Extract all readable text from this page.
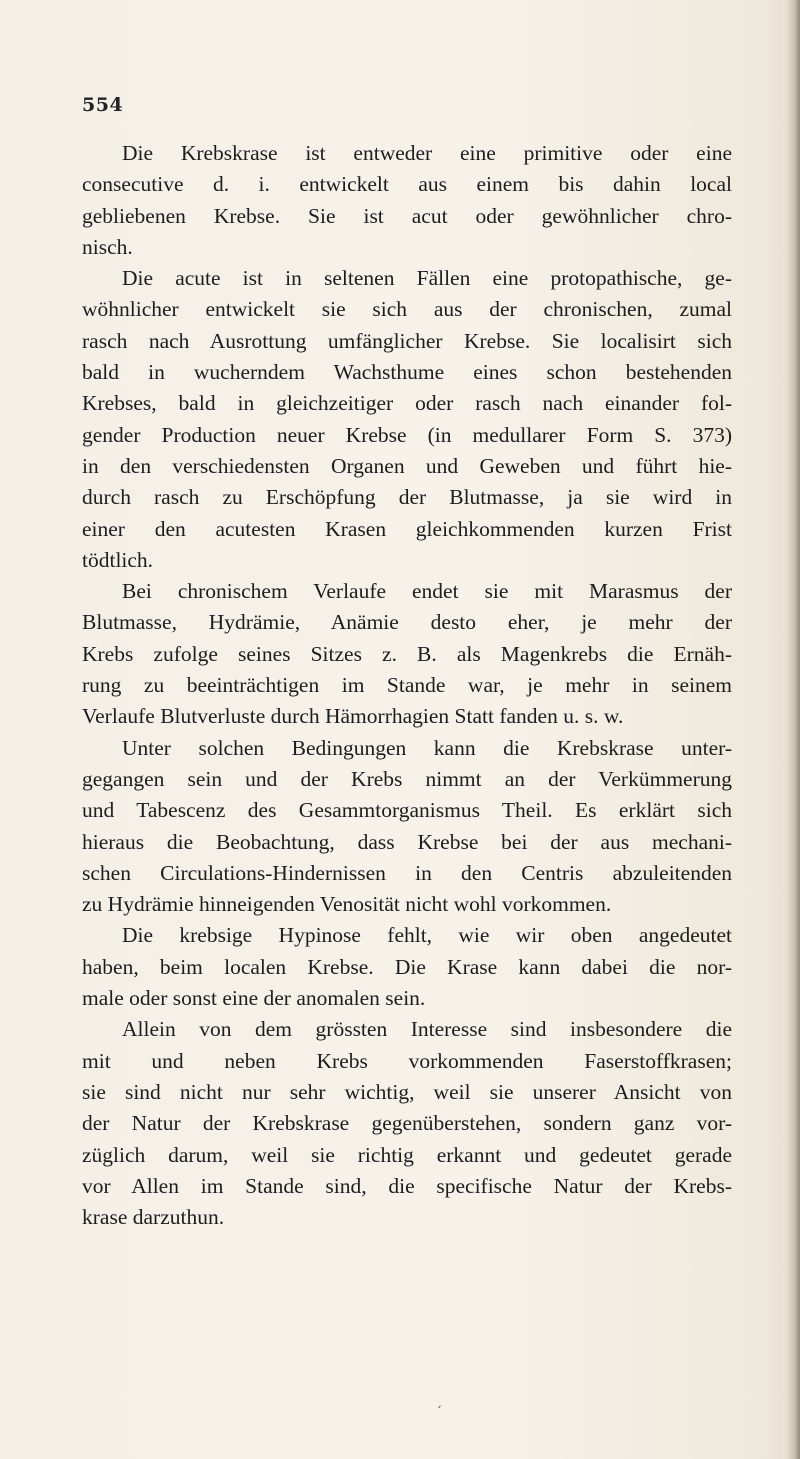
554
Die Krebskrase ist entweder eine primitive oder eine
consecutive d. i. entwickelt aus einem bis dahin local
gebliebenen Krebse. Sie ist acut oder gewöhnlicher chro-
nisch.
Die acute ist in seltenen Fällen eine protopathische, ge-
wöhnlicher entwickelt sie sich aus der chronischen, zumal
rasch nach Ausrottung umfänglicher Krebse. Sie localisirt sich
bald in wucherndem Wachsthume eines schon bestehenden
Krebses, bald in gleichzeitiger oder rasch nach einander fol-
gender Production neuer Krebse (in medullarer Form S. 373)
in den verschiedensten Organen und Geweben und führt hie-
durch rasch zu Erschöpfung der Blutmasse, ja sie wird in
einer den acutesten Krasen gleichkommenden kurzen Frist
tödtlich.
Bei chronischem Verlaufe endet sie mit Marasmus der
Blutmasse, Hydrämie, Anämie desto eher, je mehr der
Krebs zufolge seines Sitzes z. B. als Magenkrebs die Ernäh-
rung zu beeinträchtigen im Stande war, je mehr in seinem
Verlaufe Blutverluste durch Hämorrhagien Statt fanden u. s. w.
Unter solchen Bedingungen kann die Krebskrase unter-
gegangen sein und der Krebs nimmt an der Verkümmerung
und Tabescenz des Gesammtorganismus Theil. Es erklärt sich
hieraus die Beobachtung, dass Krebse bei der aus mechani-
schen Circulations-Hindernissen in den Centris abzuleitenden
zu Hydrämie hinneigenden Venosität nicht wohl vorkommen.
Die krebsige Hypinose fehlt, wie wir oben angedeutet
haben, beim localen Krebse. Die Krase kann dabei die nor-
male oder sonst eine der anomalen sein.
Allein von dem grössten Interesse sind insbesondere die
mit und neben Krebs vorkommenden Faserstoffkrasen;
sie sind nicht nur sehr wichtig, weil sie unserer Ansicht von
der Natur der Krebskrase gegenüberstehen, sondern ganz vor-
züglich darum, weil sie richtig erkannt und gedeutet gerade
vor Allen im Stande sind, die specifische Natur der Krebs-
krase darzuthun.
ˏ
